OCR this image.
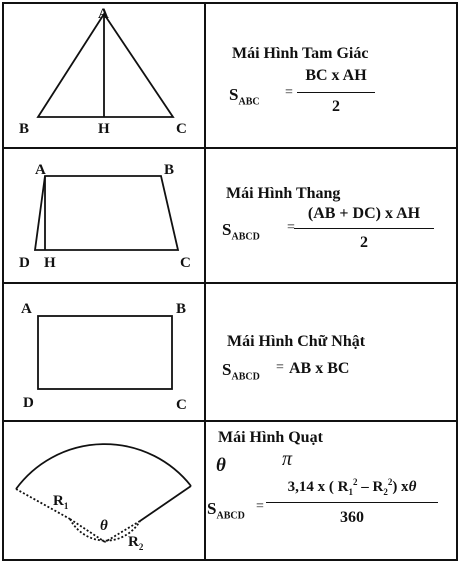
A
B	H	C
Mái Hình Tam Giác
$S_{ABC}$
=
BC x AH
2
A	B
D H	C
Mái Hình Thang
$S_{ABCD}$
=
(AB + DC) x AH
2
A	B
D	C
Mái Hình Chữ Nhật
$S_{ABCD}$
= AB x BC
$R_1$
$R_2$
θ
Mái Hình Quạt
θ	π
$S_{ABCD}$
=
3,14 x ( $R_1^2 - R_2^2$) xθ
360
